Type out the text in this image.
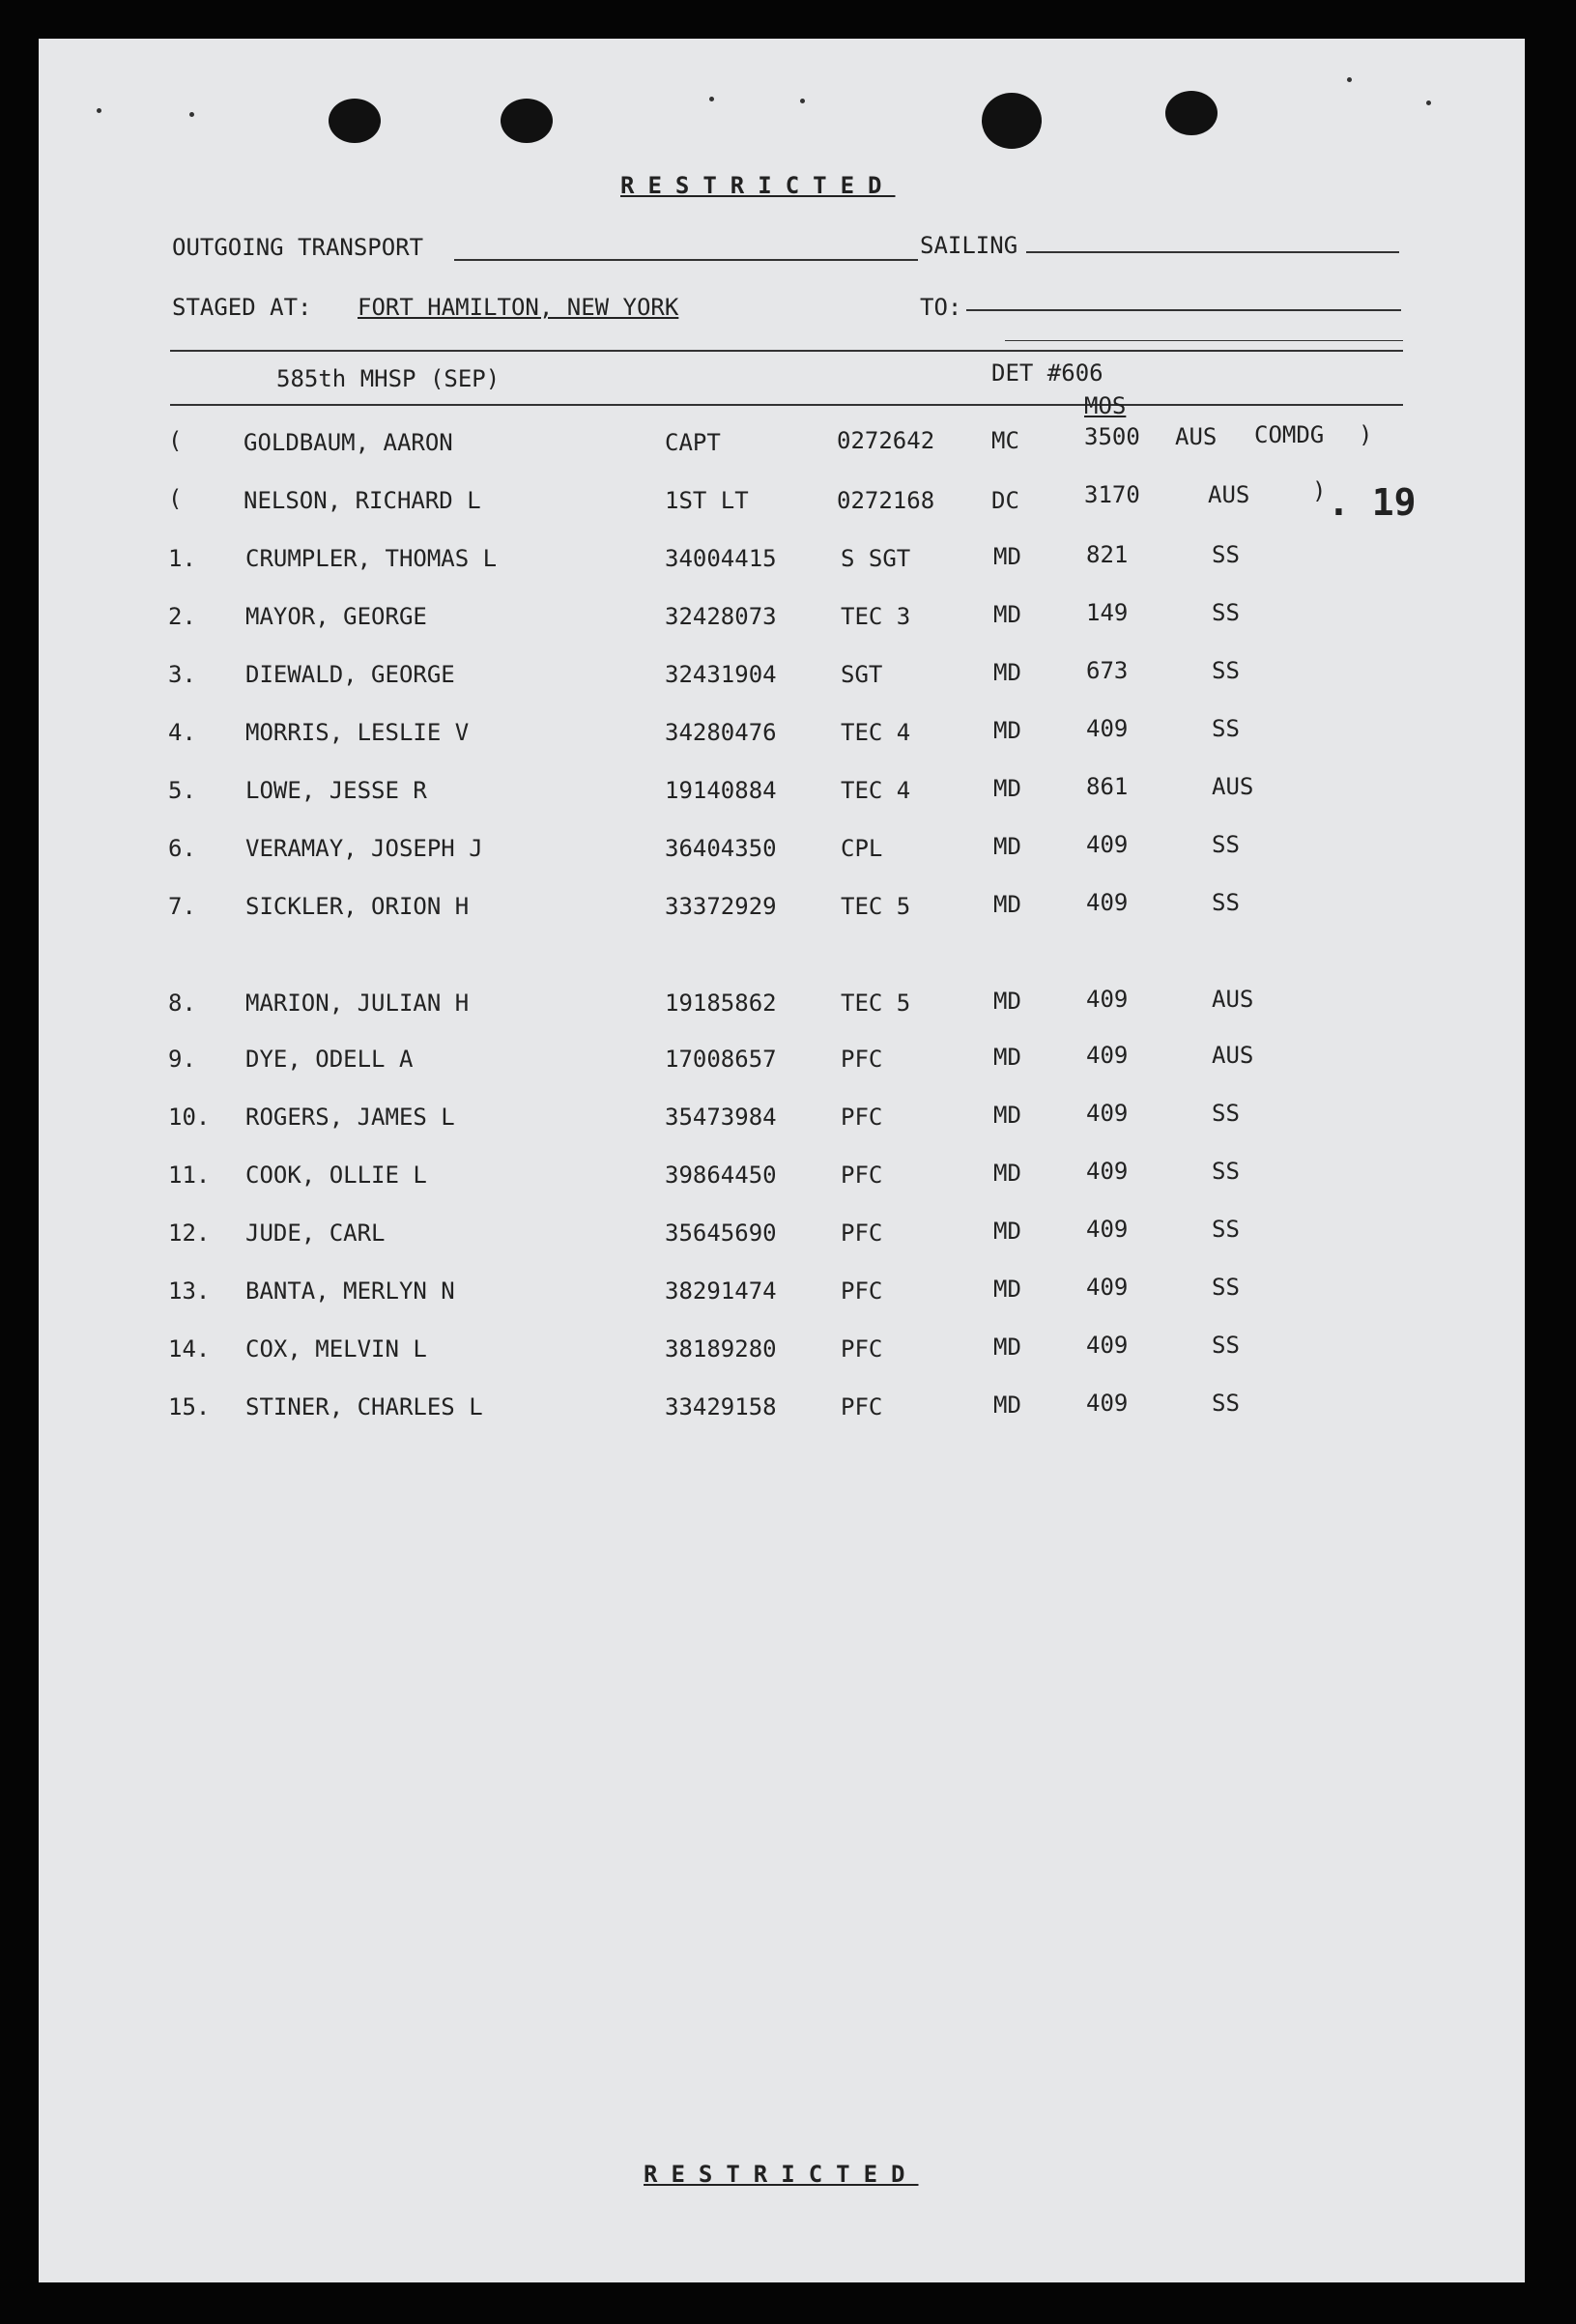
RESTRICTED
OUTGOING TRANSPORT	SAILING
STAGED AT: FORT HAMILTON, NEW YORK	TO:
585th MHSP (SEP)	DET #606
MOS
(	GOLDBAUM, AARON	CAPT	0272642 MC	3500 AUS COMDG )
(	NELSON, RICHARD L	1ST LT	0272168 DC	3170	AUS	) . 19
1. CRUMPLER, THOMAS L	34004415	S SGT	MD	821	SS
2. MAYOR, GEORGE	32428073	TEC 3	MD	149	SS
3. DIEWALD, GEORGE	32431904	SGT	MD	673	SS
4. MORRIS, LESLIE V	34280476	TEC 4	MD	409	SS
5. LOWE, JESSE R	19140884	TEC 4	MD	861	AUS
6. VERAMAY, JOSEPH J	36404350	CPL	MD	409	SS
7. SICKLER, ORION H	33372929	TEC 5	MD	409	SS
8. MARION, JULIAN H	19185862	TEC 5	MD	409	AUS
9. DYE, ODELL A	17008657	PFC	MD	409	AUS
10. ROGERS, JAMES L	35473984	PFC	MD	409	SS
11. COOK, OLLIE L	39864450	PFC	MD	409	SS
12. JUDE, CARL	35645690	PFC	MD	409	SS
13. BANTA, MERLYN N	38291474	PFC	MD	409	SS
14. COX, MELVIN L	38189280	PFC	MD	409	SS
15. STINER, CHARLES L	33429158	PFC	MD	409	SS
RESTRICTED
